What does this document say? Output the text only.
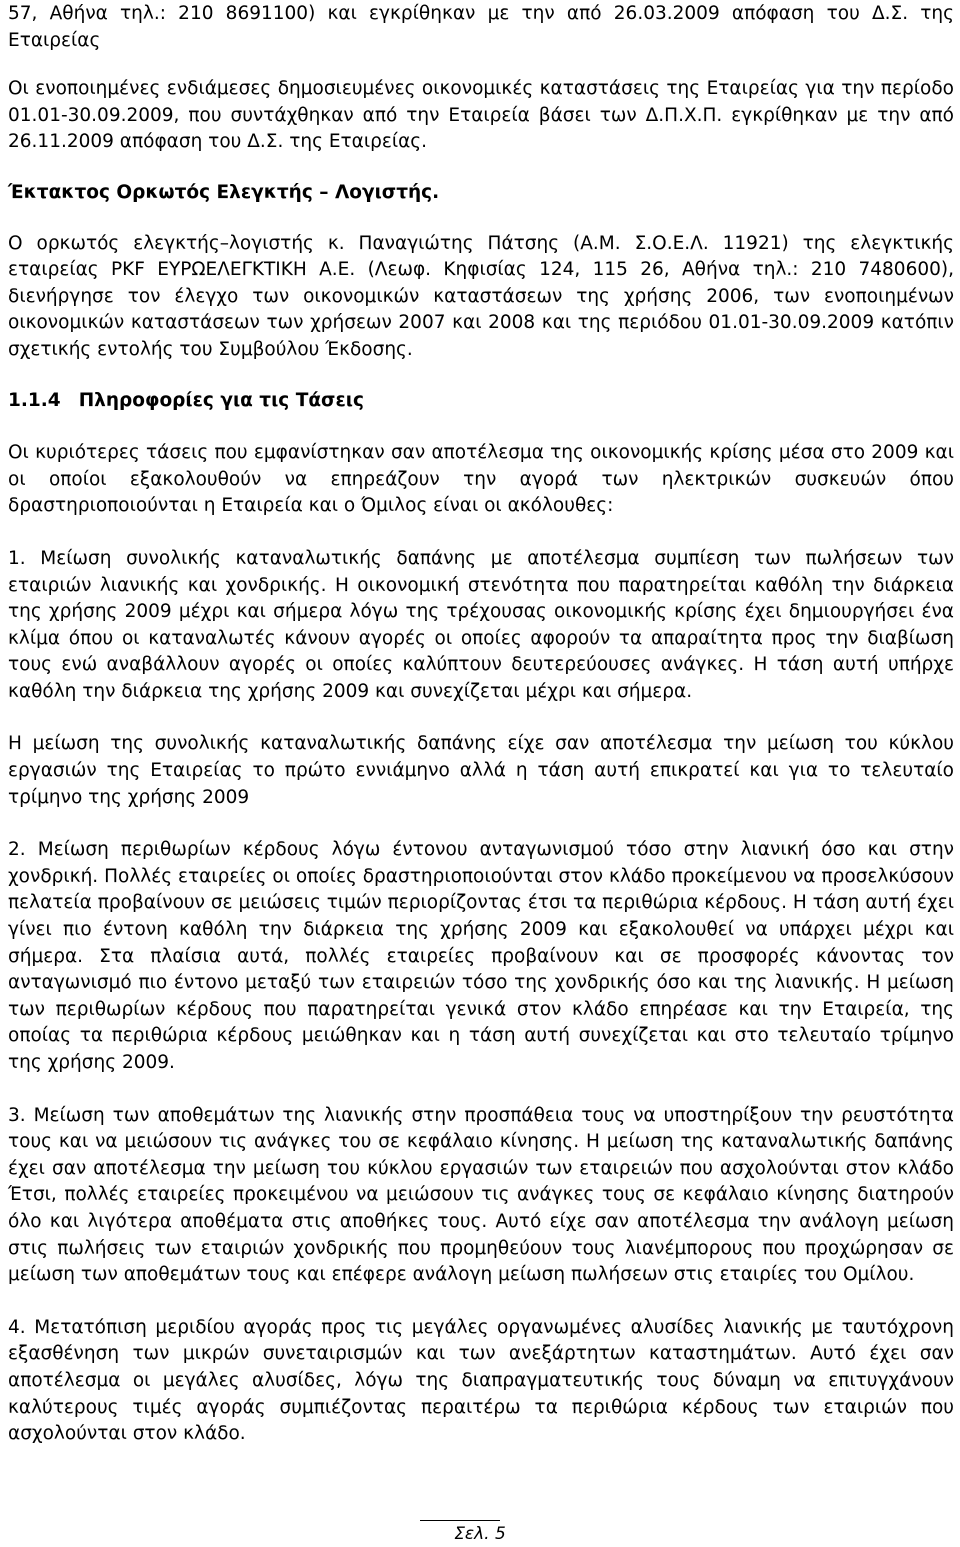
57, Αθήνα τηλ.: 210 8691100) και εγκρίθηκαν με την από 26.03.2009 απόφαση του Δ.Σ. της Εταιρείας

Οι ενοποιημένες ενδιάμεσες δημοσιευμένες οικονομικές καταστάσεις της Εταιρείας για την περίοδο 01.01-30.09.2009, που συντάχθηκαν από την Εταιρεία βάσει των Δ.Π.Χ.Π. εγκρίθηκαν με την από 26.11.2009 απόφαση του Δ.Σ. της Εταιρείας.

Έκτακτος Ορκωτός Ελεγκτής – Λογιστής.

Ο ορκωτός ελεγκτής–λογιστής κ. Παναγιώτης Πάτσης (Α.Μ. Σ.Ο.Ε.Λ. 11921) της ελεγκτικής εταιρείας PKF ΕΥΡΩΕΛΕΓΚΤΙΚΗ Α.Ε. (Λεωφ. Κηφισίας 124, 115 26, Αθήνα τηλ.: 210 7480600), διενήργησε τον έλεγχο των οικονομικών καταστάσεων της χρήσης 2006, των ενοποιημένων οικονομικών καταστάσεων των χρήσεων 2007 και 2008 και της περιόδου 01.01-30.09.2009 κατόπιν σχετικής εντολής του Συμβούλου Έκδοσης.

1.1.4 Πληροφορίες για τις Τάσεις

Οι κυριότερες τάσεις που εμφανίστηκαν σαν αποτέλεσμα της οικονομικής κρίσης μέσα στο 2009 και οι οποίοι εξακολουθούν να επηρεάζουν την αγορά των ηλεκτρικών συσκευών όπου δραστηριοποιούνται η Εταιρεία και ο Όμιλος είναι οι ακόλουθες:

1. Μείωση συνολικής καταναλωτικής δαπάνης με αποτέλεσμα συμπίεση των πωλήσεων των εταιριών λιανικής και χονδρικής. Η οικονομική στενότητα που παρατηρείται καθόλη την διάρκεια της χρήσης 2009 μέχρι και σήμερα λόγω της τρέχουσας οικονομικής κρίσης έχει δημιουργήσει ένα κλίμα όπου οι καταναλωτές κάνουν αγορές οι οποίες αφορούν τα απαραίτητα προς την διαβίωση τους ενώ αναβάλλουν αγορές οι οποίες καλύπτουν δευτερεύουσες ανάγκες. Η τάση αυτή υπήρχε καθόλη την διάρκεια της χρήσης 2009 και συνεχίζεται μέχρι και σήμερα.

Η μείωση της συνολικής καταναλωτικής δαπάνης είχε σαν αποτέλεσμα την μείωση του κύκλου εργασιών της Εταιρείας το πρώτο εννιάμηνο αλλά η τάση αυτή επικρατεί και για το τελευταίο τρίμηνο της χρήσης 2009

2. Μείωση περιθωρίων κέρδους λόγω έντονου ανταγωνισμού τόσο στην λιανική όσο και στην χονδρική. Πολλές εταιρείες οι οποίες δραστηριοποιούνται στον κλάδο προκείμενου να προσελκύσουν πελατεία προβαίνουν σε μειώσεις τιμών περιορίζοντας έτσι τα περιθώρια κέρδους. Η τάση αυτή έχει γίνει πιο έντονη καθόλη την διάρκεια της χρήσης 2009 και εξακολουθεί να υπάρχει μέχρι και σήμερα. Στα πλαίσια αυτά, πολλές εταιρείες προβαίνουν και σε προσφορές κάνοντας τον ανταγωνισμό πιο έντονο μεταξύ των εταιρειών τόσο της χονδρικής όσο και της λιανικής. Η μείωση των περιθωρίων κέρδους που παρατηρείται γενικά στον κλάδο επηρέασε και την Εταιρεία, της οποίας τα περιθώρια κέρδους μειώθηκαν και η τάση αυτή συνεχίζεται και στο τελευταίο τρίμηνο της χρήσης 2009.

3. Μείωση των αποθεμάτων της λιανικής στην προσπάθεια τους να υποστηρίξουν την ρευστότητα τους και να μειώσουν τις ανάγκες του σε κεφάλαιο κίνησης. Η μείωση της καταναλωτικής δαπάνης έχει σαν αποτέλεσμα την μείωση του κύκλου εργασιών των εταιρειών που ασχολούνται στον κλάδο Έτσι, πολλές εταιρείες προκειμένου να μειώσουν τις ανάγκες τους σε κεφάλαιο κίνησης διατηρούν όλο και λιγότερα αποθέματα στις αποθήκες τους. Αυτό είχε σαν αποτέλεσμα την ανάλογη μείωση στις πωλήσεις των εταιριών χονδρικής που προμηθεύουν τους λιανέμπορους που προχώρησαν σε μείωση των αποθεμάτων τους και επέφερε ανάλογη μείωση πωλήσεων στις εταιρίες του Ομίλου.

4. Μετατόπιση μεριδίου αγοράς προς τις μεγάλες οργανωμένες αλυσίδες λιανικής με ταυτόχρονη εξασθένηση των μικρών συνεταιρισμών και των ανεξάρτητων καταστημάτων. Αυτό έχει σαν αποτέλεσμα οι μεγάλες αλυσίδες, λόγω της διαπραγματευτικής τους δύναμη να επιτυγχάνουν καλύτερους τιμές αγοράς συμπιέζοντας περαιτέρω τα περιθώρια κέρδους των εταιριών που ασχολούνται στον κλάδο.

Σελ. 5
